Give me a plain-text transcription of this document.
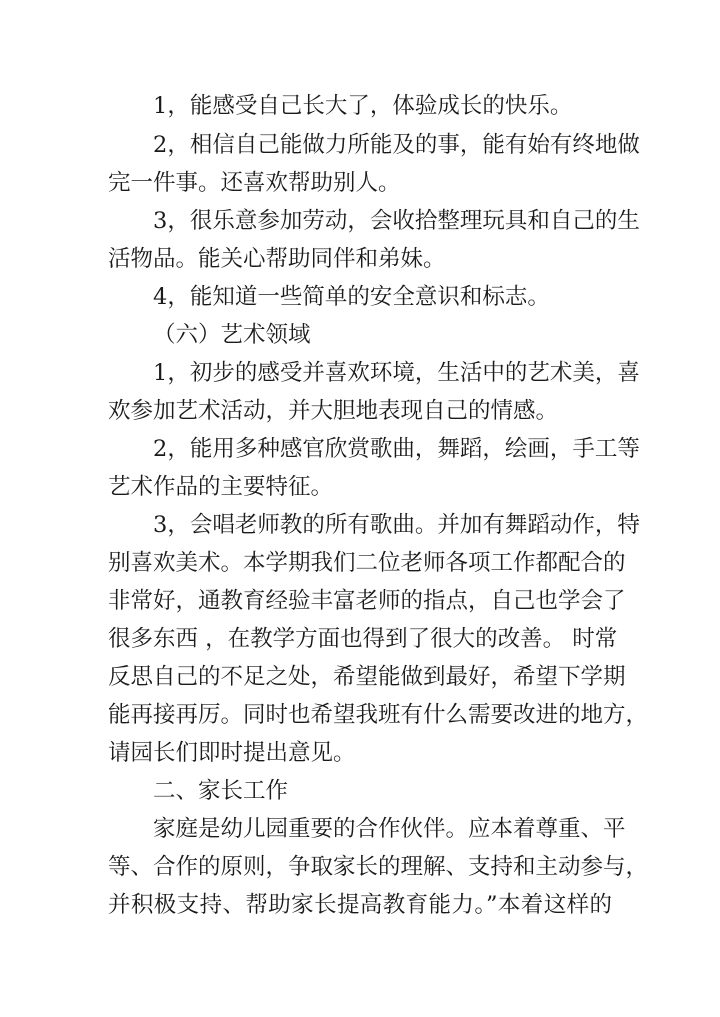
1，能感受自己长大了，体验成长的快乐。
2，相信自己能做力所能及的事，能有始有终地做
完一件事。还喜欢帮助别人。
3，很乐意参加劳动，会收拾整理玩具和自己的生
活物品。能关心帮助同伴和弟妹。
4，能知道一些简单的安全意识和标志。
（六）艺术领域
1，初步的感受并喜欢环境，生活中的艺术美，喜
欢参加艺术活动，并大胆地表现自己的情感。
2，能用多种感官欣赏歌曲，舞蹈，绘画，手工等
艺术作品的主要特征。
3，会唱老师教的所有歌曲。并加有舞蹈动作，特
别喜欢美术。本学期我们二位老师各项工作都配合的
非常好，通教育经验丰富老师的指点，自己也学会了
很多东西 ，在教学方面也得到了很大的改善。 时常
反思自己的不足之处，希望能做到最好，希望下学期
能再接再厉。同时也希望我班有什么需要改进的地方，
请园长们即时提出意见。
二、家长工作
家庭是幼儿园重要的合作伙伴。应本着尊重、平
等、合作的原则，争取家长的理解、支持和主动参与，
并积极支持、帮助家长提高教育能力。”本着这样的
